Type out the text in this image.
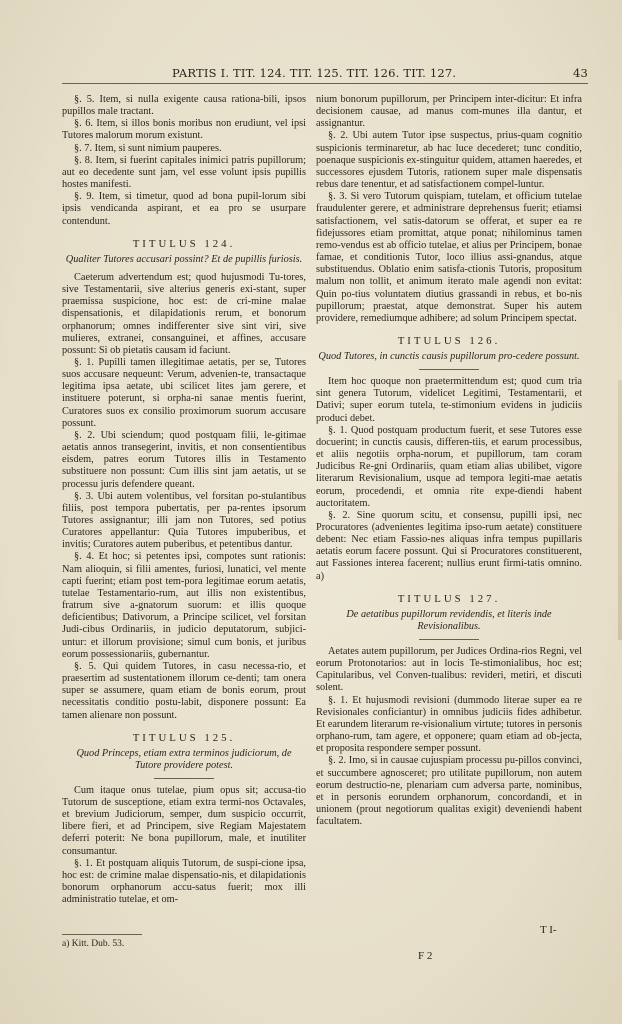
PARTIS I. TIT. 124. TIT. 125. TIT. 126. TIT. 127.	43

§. 5. Item, si nulla exigente causa rationa-bili, ipsos pupillos male tractant.

§. 6. Item, si illos bonis moribus non erudiunt, vel ipsi Tutores malorum morum existunt.

§. 7. Item, si sunt nimium pauperes.

§. 8. Item, si fuerint capitales inimici patris pupillorum; aut eo decedente sunt jam, vel esse volunt ipsis pupillis hostes manifesti.

§. 9. Item, si timetur, quod ad bona pupil-lorum sibi ipsis vendicanda aspirant, et ea pro se usurpare contendunt.

TITULUS 124.

Qualiter Tutores accusari possint? Et de pupillis furiosis.

Caeterum advertendum est; quod hujusmodi Tu-tores, sive Testamentarii, sive alterius generis exi-stant, super praemissa suspicione, hoc est: de cri-mine malae dispensationis, et dilapidationis rerum, et bonorum orphanorum; omnes indifferenter sive sint viri, sive mulieres, extranei, consanguinei, et affines, accusare possunt: Si ob pietatis causam id faciunt.

§. 1. Pupilli tamen illegitimae aetatis, per se, Tutores suos accusare nequeunt: Verum, advenien-te, transactaque legitima ipsa aetate, ubi scilicet lites jam gerere, et instituere poterunt, si orpha-ni sanae mentis fuerint, Curatores suos ex consilio proximorum suorum accusare possunt.

§. 2. Ubi sciendum; quod postquam filii, le-gitimae aetatis annos transegerint, invitis, et non consentientibus eisdem, patres eorum Tutores illis in Testamento substituere non possunt: Cum illis sint jam aetatis, ut se processu juris defendere queant.

§. 3. Ubi autem volentibus, vel forsitan po-stulantibus filiis, post tempora pubertatis, per pa-rentes ipsorum Tutores assignantur; illi jam non Tutores, sed potius Curatores appellantur: Quia Tutores impuberibus, et invitis; Curatores autem puberibus, et petentibus dantur.

§. 4. Et hoc; si petentes ipsi, compotes sunt rationis: Nam alioquin, si filii amentes, furiosi, lunatici, vel mente capti fuerint; etiam post tem-pora legitimae eorum aetatis, tutelae Testamentario-rum, aut illis non existentibus, fratrum sive a-gnatorum suorum: et illis quoque deficientibus; Dativorum, a Principe scilicet, vel forsitan Judi-cibus Ordinariis, in judicio deputatorum, subjici-untur: et illorum provisione; simul cum bonis, et juribus eorum possessionariis, gubernantur.

§. 5. Qui quidem Tutores, in casu necessa-rio, et praesertim ad sustentationem illorum ce-denti; tam onera super se assumere, quam etiam de bonis eorum, prout necessitatis conditio postu-labit, disponere possunt: Ea tamen alienare non possunt.

TITULUS 125.

Quod Princeps, etiam extra terminos judiciorum, de Tutore providere potest.

Cum itaque onus tutelae, pium opus sit; accusa-tio Tutorum de susceptione, etiam extra termi-nos Octavales, et brevium Judiciorum, semper, dum suspicio occurrit, libere fieri, et ad Principem, sive Regiam Majestatem deferri poterit: Ne bona pupillorum, male, et inutiliter consumantur.

§. 1. Et postquam aliquis Tutorum, de suspi-cione ipsa, hoc est: de crimine malae dispensatio-nis, et dilapidationis bonorum orphanorum accu-satus fuerit; mox illi administratio tutelae, et om-

nium bonorum pupillorum, per Principem inter-dicitur: Et infra decisionem causae, ad manus com-munes illa dantur, et assignantur.

§. 2. Ubi autem Tutor ipse suspectus, prius-quam cognitio suspicionis terminaretur, ab hac luce decederet; tunc conditio, poenaque suspicionis ex-stinguitur quidem, attamen haeredes, et successores ejusdem Tutoris, rationem super male dispensatis rebus dare tenentur, et ad satisfactionem compel-luntur.

§. 3. Si vero Tutorum quispiam, tutelam, et officium tutelae fraudulenter gerere, et administrare deprehensus fuerit; etiamsi satisfactionem, vel satis-datorum se offerat, et super ea re fidejussores etiam promittat, atque ponat; nihilominus tamen remo-vendus est ab officio tutelae, et alius per Principem, bonae famae, et conditionis Tutor, loco illius assi-gnandus, atque substituendus. Oblatio enim satisfa-ctionis Tutoris, propositum malum non tollit, et animum iterato male agendi non evitat: Quin po-tius voluntatem diutius grassandi in rebus, et bo-nis pupillorum; praestat, atque demonstrat. Super his autem providere, remediumque adhibere; ad solum Principem spectat.

TITULUS 126.

Quod Tutores, in cunctis causis pupillorum pro-cedere possunt.

Item hoc quoque non praetermittendum est; quod cum tria sint genera Tutorum, videlicet Legitimi, Testamentarii, et Dativi; super eorum tutela, te-stimonium evidens in judiciis produci debet.

§. 1. Quod postquam productum fuerit, et sese Tutores esse docuerint; in cunctis causis, differen-tiis, et earum processibus, et aliis negotiis orpha-norum, et pupillorum, tam coram Judicibus Re-gni Ordinariis, quam etiam alias ubilibet, vigore literarum Revisionalium, usque ad tempora legiti-mae aetatis eorum, procedendi, et omnia rite expe-diendi habent auctoritatem.

§. 2. Sine quorum scitu, et consensu, pupilli ipsi, nec Procuratores (advenientes legitima ipso-rum aetate) constituere debent: Nec etiam Fassio-nes aliquas infra tempus pupillaris aetatis eorum facere possunt. Qui si Procuratores constituerent, aut Fassiones interea facerent; nullius erunt firmi-tatis omnino. a)

TITULUS 127.

De aetatibus pupillorum revidendis, et literis inde Revisionalibus.

Aetates autem pupillorum, per Judices Ordina-rios Regni, vel eorum Protonotarios: aut in locis Te-stimonialibus, hoc est; Capitularibus, vel Conven-tualibus: revideri, metiri, et discuti solent.

§. 1. Et hujusmodi revisioni (dummodo literae super ea re Revisionales conficiantur) in omnibus judiciis fides adhibetur. Et earundem literarum re-visionalium virtute; tutores in personis orphano-rum, tam agere, et opponere; quam etiam ad ob-jecta, et proposita respondere semper possunt.

§. 2. Imo, si in causae cujuspiam processu pu-pillos convinci, et succumbere agnosceret; pro utilitate pupillorum, non autem eorum destructio-ne, plenariam cum adversa parte, nominibus, et in personis eorundem orphanorum, concordandi, et in unionem (prout negotiorum qualitas exigit) deveniendi habent facultatem.

T I-
a) Kitt. Dub. 53.
F 2
